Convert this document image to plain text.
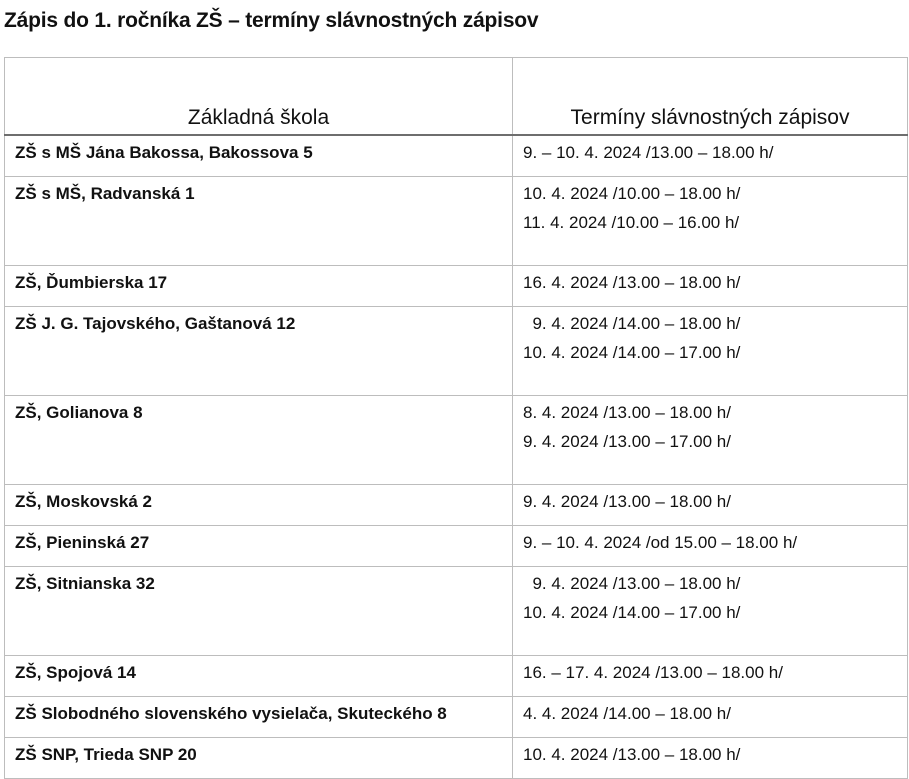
Zápis do 1. ročníka ZŠ – termíny slávnostných zápisov
Základná škola	Termíny slávnostných zápisov
ZŠ s MŠ Jána Bakossa, Bakossova 5	9. – 10. 4. 2024 /13.00 – 18.00 h/

ZŠ s MŠ, Radvanská 1	10. 4. 2024 /10.00 – 18.00 h/
11. 4. 2024 /10.00 – 16.00 h/

ZŠ, Ďumbierska 17	16. 4. 2024 /13.00 – 18.00 h/

ZŠ J. G. Tajovského, Gaštanová 12	9. 4. 2024 /14.00 – 18.00 h/
10. 4. 2024 /14.00 – 17.00 h/

ZŠ, Golianova 8	8. 4. 2024 /13.00 – 18.00 h/
9. 4. 2024 /13.00 – 17.00 h/

ZŠ, Moskovská 2	9. 4. 2024 /13.00 – 18.00 h/

ZŠ, Pieninská 27	9. – 10. 4. 2024 /od 15.00 – 18.00 h/

ZŠ, Sitnianska 32	9. 4. 2024 /13.00 – 18.00 h/
10. 4. 2024 /14.00 – 17.00 h/

ZŠ, Spojová 14	16. – 17. 4. 2024 /13.00 – 18.00 h/

ZŠ Slobodného slovenského vysielača, Skuteckého 8	4. 4. 2024 /14.00 – 18.00 h/

ZŠ SNP, Trieda SNP 20	10. 4. 2024 /13.00 – 18.00 h/
